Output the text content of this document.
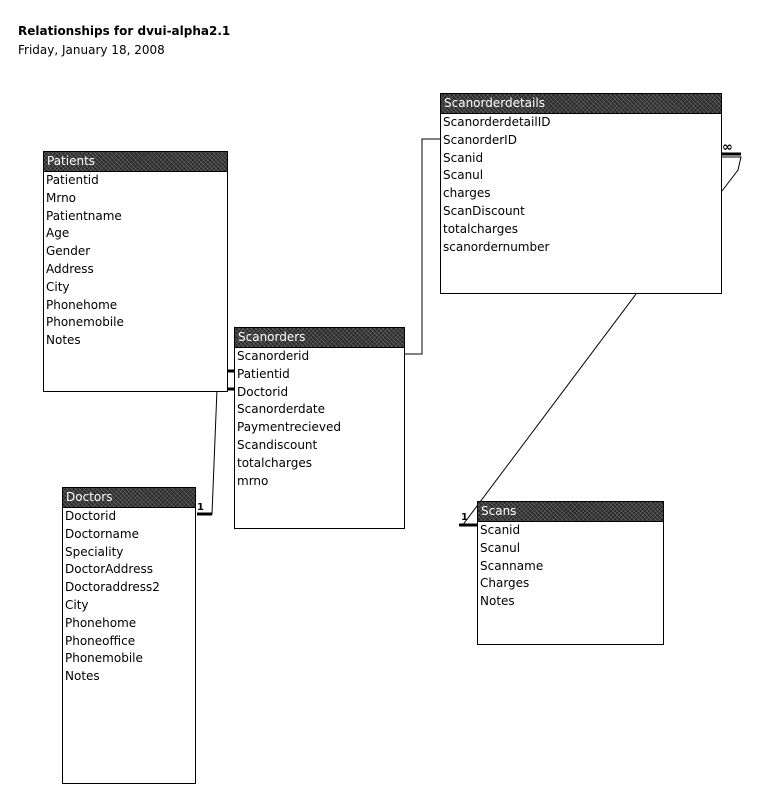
Relationships for dvui-alpha2.1
Friday, January 18, 2008
1
1
∞
Patients
Patientid
Mrno
Patientname
Age
Gender
Address
City
Phonehome
Phonemobile
Notes
Doctors
Doctorid
Doctorname
Speciality
DoctorAddress
Doctoraddress2
City
Phonehome
Phoneoffice
Phonemobile
Notes
Scanorders
Scanorderid
Patientid
Doctorid
Scanorderdate
Paymentrecieved
Scandiscount
totalcharges
mrno
Scanorderdetails
ScanorderdetailID
ScanorderID
Scanid
Scanul
charges
ScanDiscount
totalcharges
scanordernumber
Scans
Scanid
Scanul
Scanname
Charges
Notes
